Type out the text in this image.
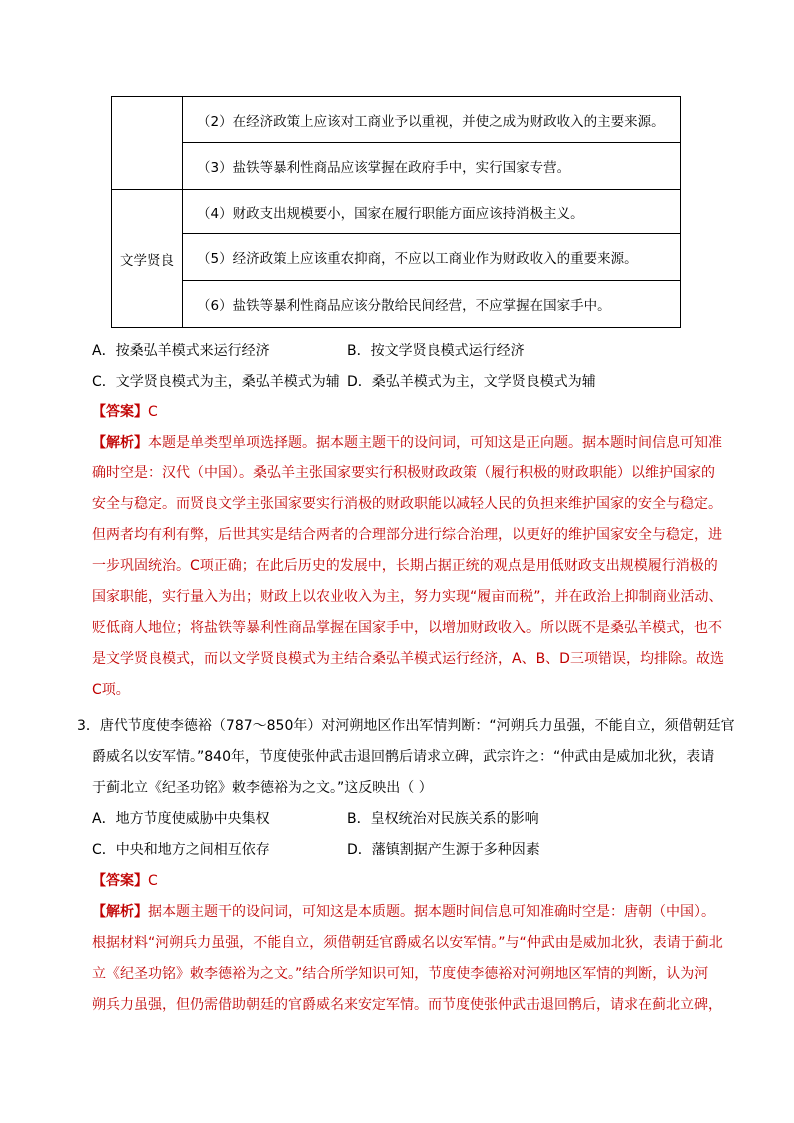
	（2）在经济政策上应该对工商业予以重视，并使之成为财政收入的主要来源。
	（3）盐铁等暴利性商品应该掌握在政府手中，实行国家专营。
文学贤良	（4）财政支出规模要小，国家在履行职能方面应该持消极主义。
	（5）经济政策上应该重农抑商，不应以工商业作为财政收入的重要来源。
	（6）盐铁等暴利性商品应该分散给民间经营，不应掌握在国家手中。
A．按桑弘羊模式来运行经济	B．按文学贤良模式运行经济
C．文学贤良模式为主，桑弘羊模式为辅 D．桑弘羊模式为主，文学贤良模式为辅
【答案】C
【解析】本题是单类型单项选择题。据本题主题干的设问词，可知这是正向题。据本题时间信息可知准
确时空是：汉代（中国）。桑弘羊主张国家要实行积极财政政策（履行积极的财政职能）以维护国家的
安全与稳定。而贤良文学主张国家要实行消极的财政职能以减轻人民的负担来维护国家的安全与稳定。
但两者均有利有弊，后世其实是结合两者的合理部分进行综合治理，以更好的维护国家安全与稳定，进
一步巩固统治。C项正确；在此后历史的发展中，长期占据正统的观点是用低财政支出规模履行消极的
国家职能，实行量入为出；财政上以农业收入为主，努力实现“履亩而税”，并在政治上抑制商业活动、
贬低商人地位；将盐铁等暴利性商品掌握在国家手中，以增加财政收入。所以既不是桑弘羊模式，也不
是文学贤良模式，而以文学贤良模式为主结合桑弘羊模式运行经济，A、B、D三项错误，均排除。故选
C项。
3．唐代节度使李德裕（787～850年）对河朔地区作出军情判断：“河朔兵力虽强，不能自立，须借朝廷官
爵威名以安军情。”840年，节度使张仲武击退回鹘后请求立碑，武宗许之：“仲武由是威加北狄，表请
于蓟北立《纪圣功铭》敕李德裕为之文。”这反映出（ ）
A．地方节度使威胁中央集权	B．皇权统治对民族关系的影响
C．中央和地方之间相互依存	D．藩镇割据产生源于多种因素
【答案】C
【解析】据本题主题干的设问词，可知这是本质题。据本题时间信息可知准确时空是：唐朝（中国）。
根据材料“河朔兵力虽强，不能自立，须借朝廷官爵威名以安军情。”与“仲武由是威加北狄，表请于蓟北
立《纪圣功铭》敕李德裕为之文。”结合所学知识可知，节度使李德裕对河朔地区军情的判断，认为河
朔兵力虽强，但仍需借助朝廷的官爵威名来安定军情。而节度使张仲武击退回鹘后，请求在蓟北立碑，
